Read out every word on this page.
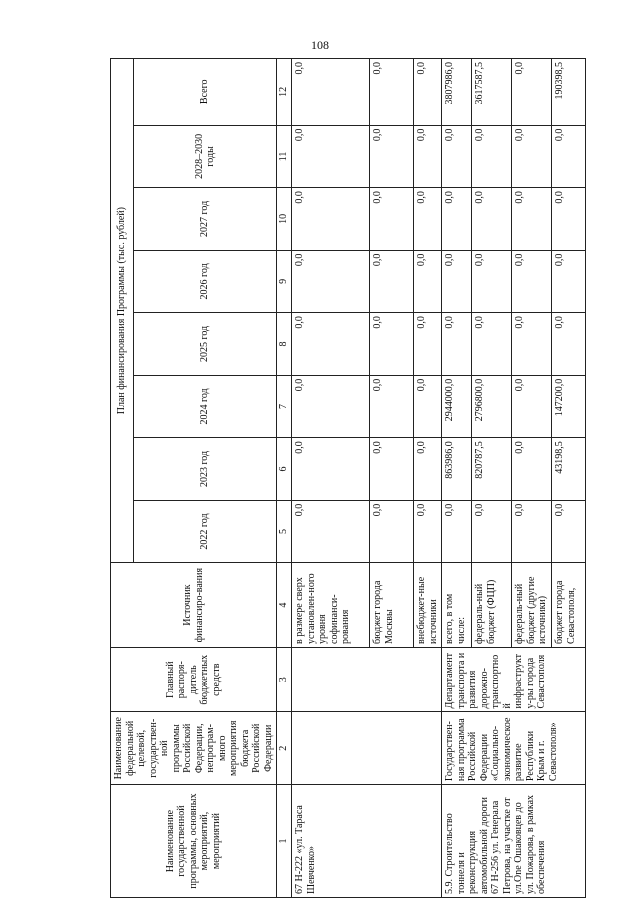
108
Наименование государственной программы, основных мероприятий, мероприятий	Наименование федеральной целевой, государствен-ной программы Российской Федерации, непрограм-много мероприятия бюджета Российской Федерации	Главный распоря-дитель бюджетных средств	Источник финансиро-вания	План финансирования Программы (тыс. рублей)							
				2022 год	2023 год	2024 год	2025 год	2026 год	2027 год	2028–2030 годы	Всего
1	2	3	4	5	6	7	8	9	10	11	12
67 Н-222 «ул. Тараса Шевченко»			в размере сверх установлен-ного уровня софинанси-рования	0,0	0,0	0,0	0,0	0,0	0,0	0,0	0,0
			бюджет города Москвы	0,0	0,0	0,0	0,0	0,0	0,0	0,0	0,0
			внебюджет-ные источники	0,0	0,0	0,0	0,0	0,0	0,0	0,0	0,0
5.9. Строительство тоннеля и реконструкция автомобильной дороги 67 Н-256 ул. Генерала Петрова, на участке от ул.One Ошаковцев до ул. Пожарова, в рамках обеспечения	Государствен-ная программа Российской Федерации «Социально-экономическое развитие Республики Крым и г. Севастополя»	Департамент транспорта и развития дорожно-транспортной инфраструкту-ры города Севастополя	всего, в том числе:	0,0	863986,0	2944000,0	0,0	0,0	0,0	0,0	3807986,0
			федераль-ный бюджет (ФЦП)	0,0	820787,5	2796800,0	0,0	0,0	0,0	0,0	3617587,5
			федераль-ный бюджет (другие источники)	0,0	0,0	0,0	0,0	0,0	0,0	0,0	0,0
			бюджет города Севастополя,	0,0	43198,5	147200,0	0,0	0,0	0,0	0,0	190398,5
